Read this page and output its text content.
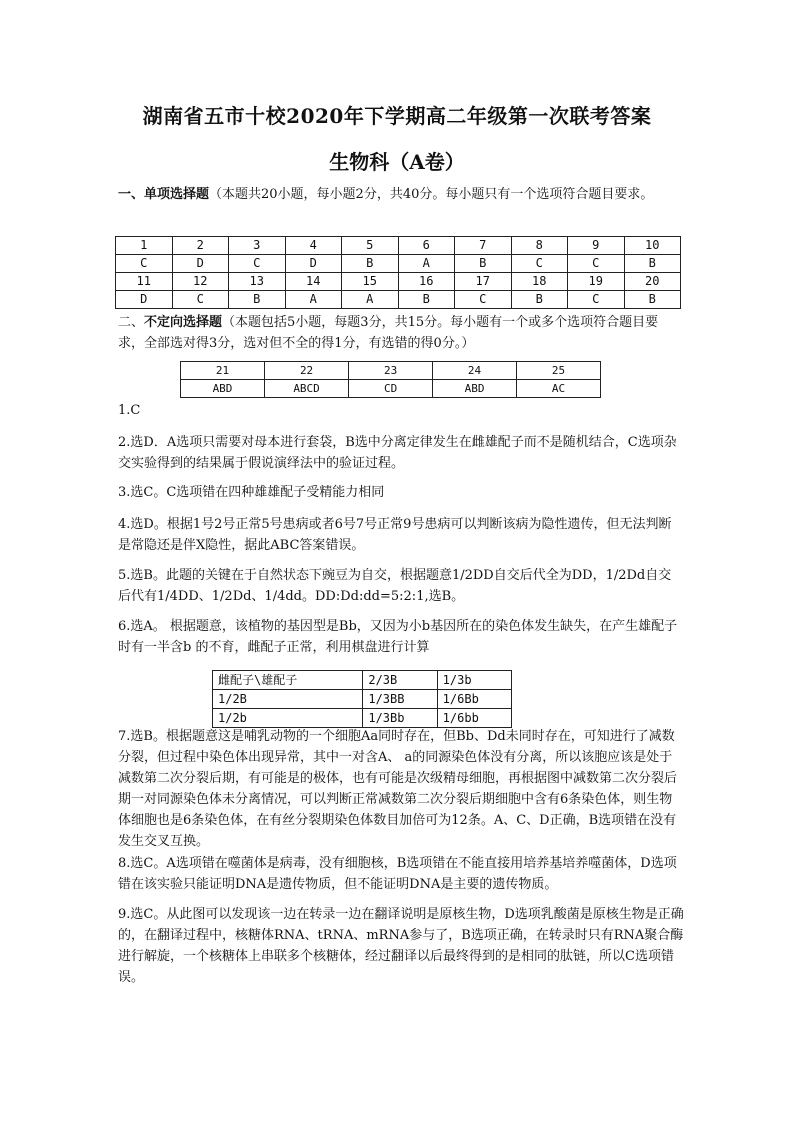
湖南省五市十校2020年下学期高二年级第一次联考答案
生物科（A卷）
一、单项选择题（本题共20小题，每小题2分，共40分。每小题只有一个选项符合题目要求。
1	2	3	4	5	6	7	8	9	10
C	D	C	D	B	A	B	C	C	B
11	12	13	14	15	16	17	18	19	20
D	C	B	A	A	B	C	B	C	B
二、不定向选择题（本题包括5小题，每题3分，共15分。每小题有一个或多个选项符合题目要求，全部选对得3分，选对但不全的得1分，有选错的得0分。）
21	22	23	24	25
ABD	ABCD	CD	ABD	AC
1.C
2.选D．A选项只需要对母本进行套袋，B选中分离定律发生在雌雄配子而不是随机结合，C选项杂交实验得到的结果属于假说演绎法中的验证过程。
3.选C。C选项错在四种雄雄配子受精能力相同
4.选D。根据1号2号正常5号患病或者6号7号正常9号患病可以判断该病为隐性遗传，但无法判断是常隐还是伴X隐性，据此ABC答案错误。
5.选B。此题的关键在于自然状态下豌豆为自交，根据题意1/2DD自交后代全为DD，1/2Dd自交后代有1/4DD、1/2Dd、1/4dd。DD:Dd:dd=5:2:1,选B。
6.选A。 根据题意，该植物的基因型是Bb，又因为小b基因所在的染色体发生缺失，在产生雄配子时有一半含b 的不育，雌配子正常，利用棋盘进行计算
雌配子\雄配子	2/3B	1/3b
1/2B	1/3BB	1/6Bb
1/2b	1/3Bb	1/6bb
7.选B。根据题意这是哺乳动物的一个细胞Aa同时存在，但Bb、Dd未同时存在，可知进行了减数分裂，但过程中染色体出现异常，其中一对含A、 a的同源染色体没有分离，所以该胞应该是处于减数第二次分裂后期，有可能是的极体，也有可能是次级精母细胞，再根据图中减数第二次分裂后期一对同源染色体未分离情况，可以判断正常减数第二次分裂后期细胞中含有6条染色体，则生物体细胞也是6条染色体，在有丝分裂期染色体数目加倍可为12条。A、C、D正确，B选项错在没有发生交叉互换。
8.选C。A选项错在噬菌体是病毒，没有细胞核，B选项错在不能直接用培养基培养噬菌体，D选项错在该实验只能证明DNA是遗传物质，但不能证明DNA是主要的遗传物质。
9.选C。从此图可以发现该一边在转录一边在翻译说明是原核生物，D选项乳酸菌是原核生物是正确的，在翻译过程中，核糖体RNA、tRNA、mRNA参与了，B选项正确，在转录时只有RNA聚合酶进行解旋，一个核糖体上串联多个核糖体，经过翻译以后最终得到的是相同的肽链，所以C选项错误。
